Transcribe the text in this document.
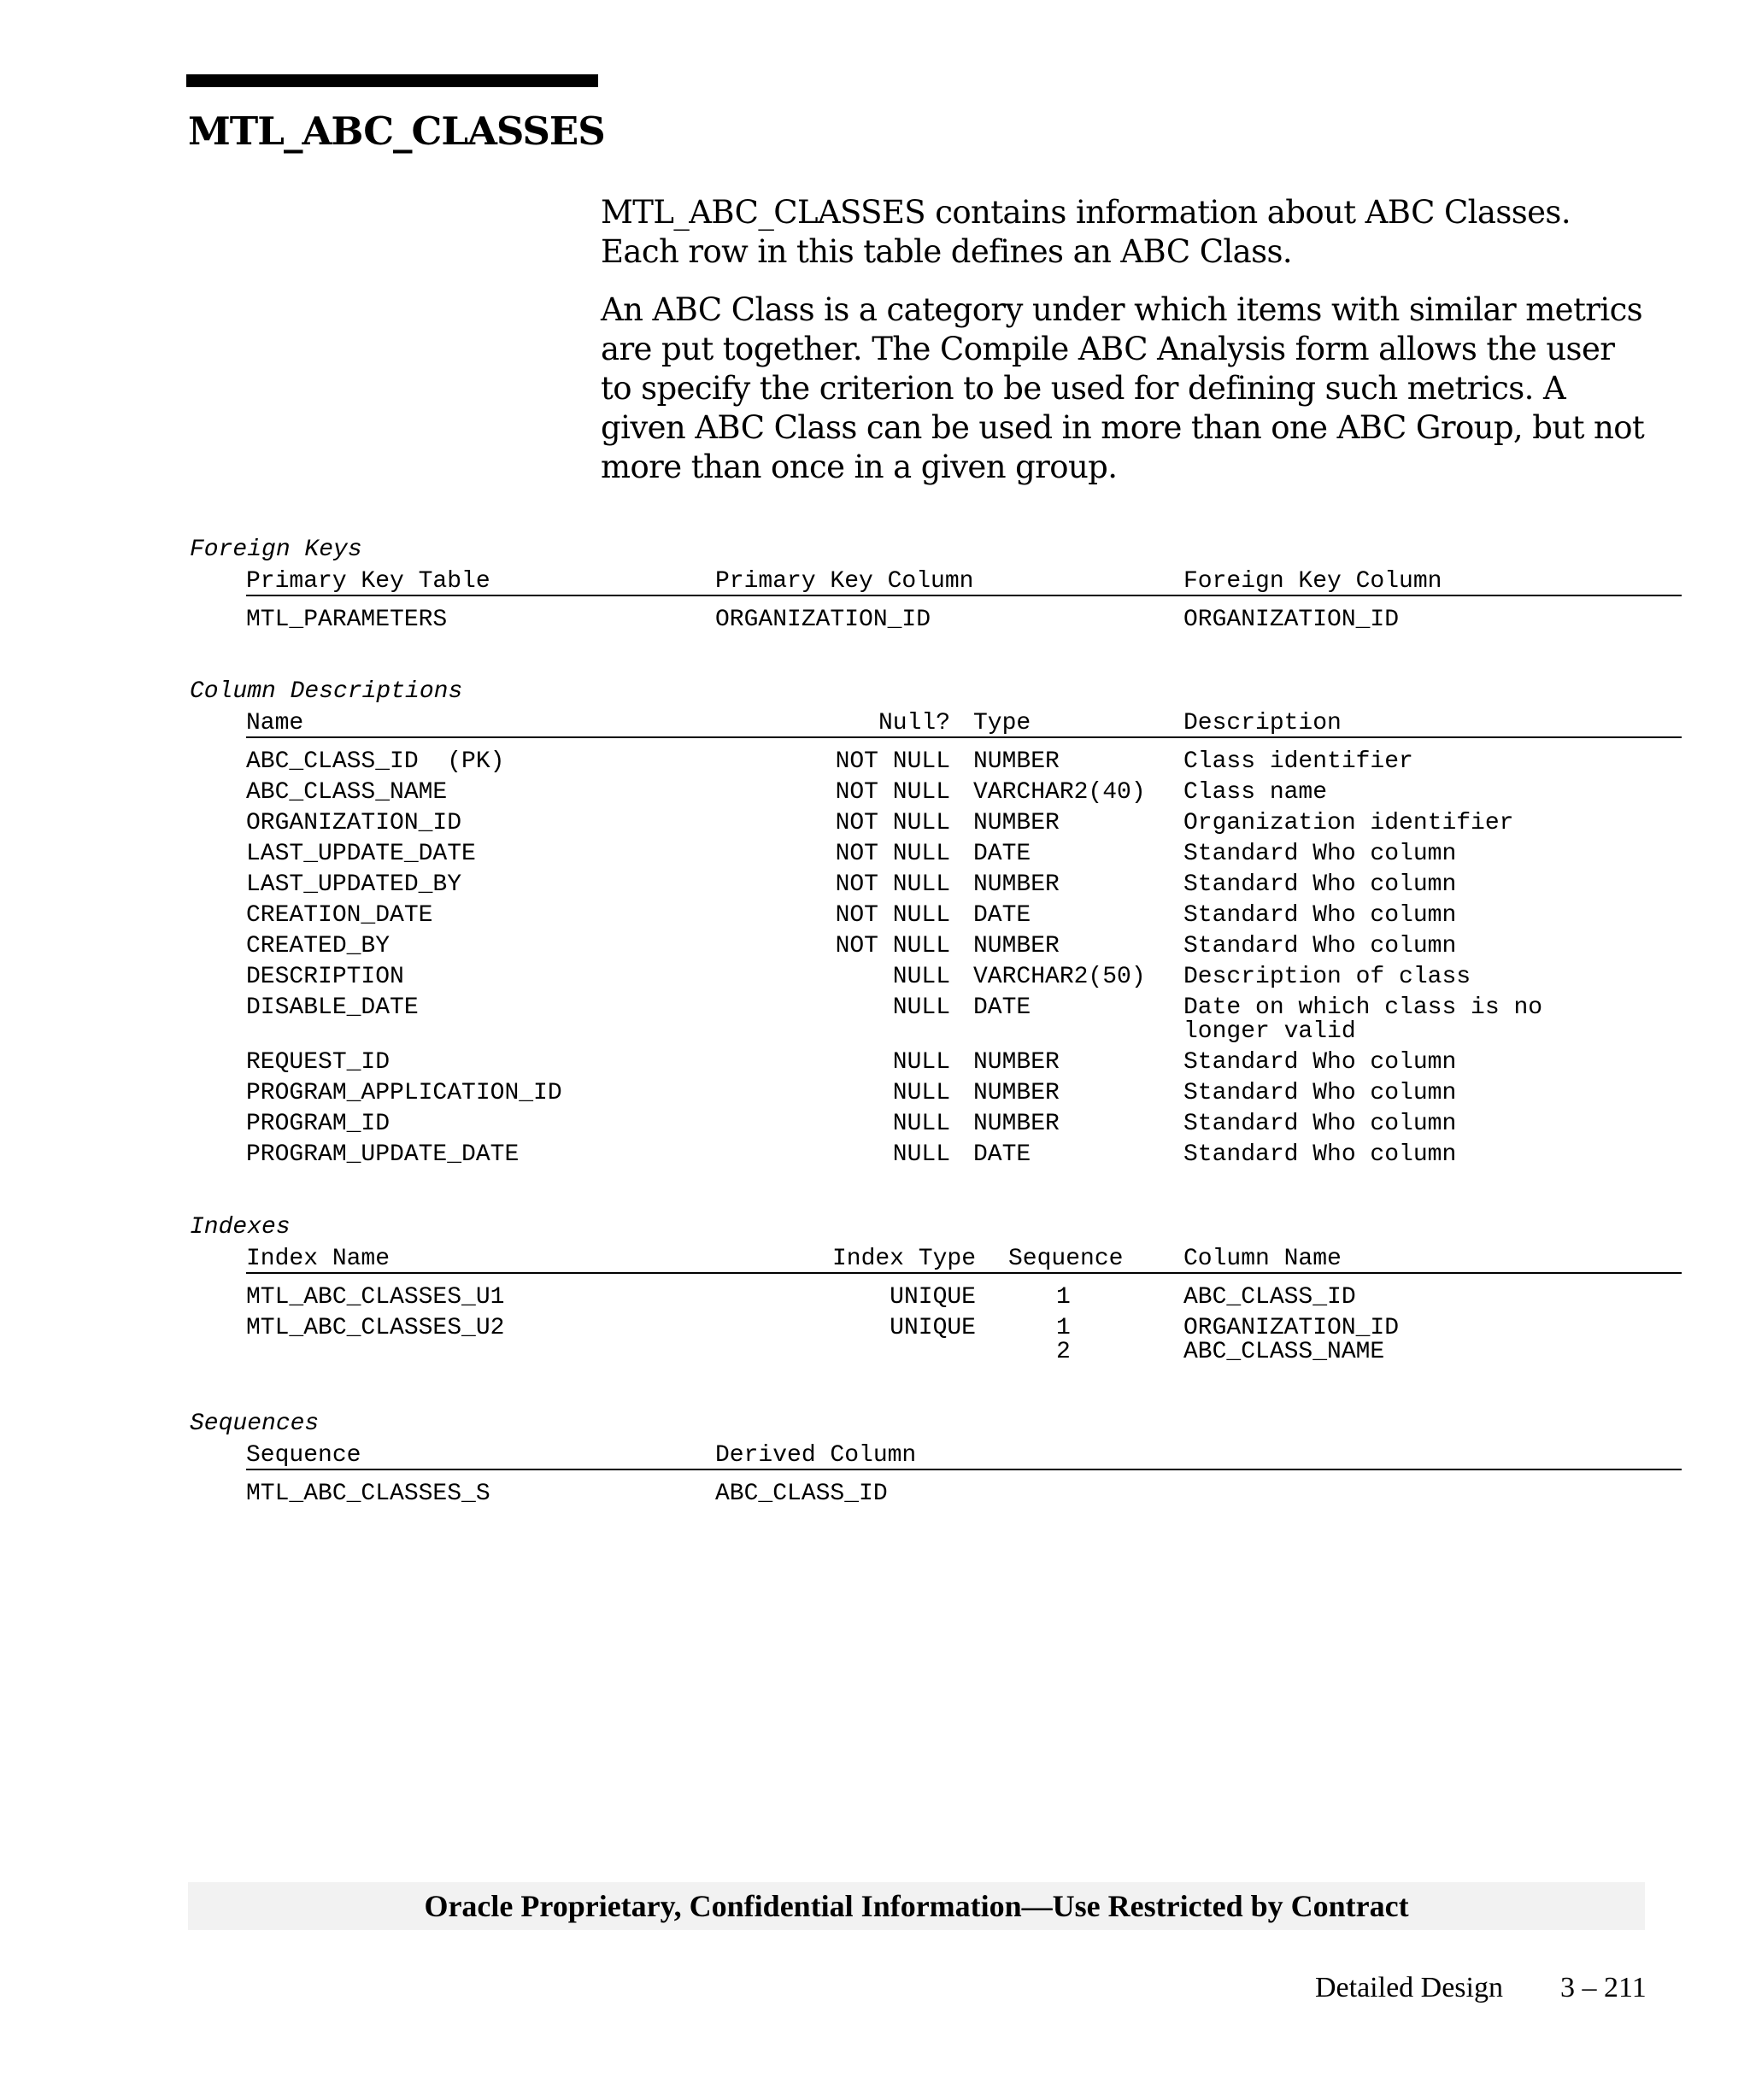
MTL_ABC_CLASSES

MTL_ABC_CLASSES contains information about ABC Classes. Each row in this table defines an ABC Class.

An ABC Class is a category under which items with similar metrics are put together. The Compile ABC Analysis form allows the user to specify the criterion to be used for defining such metrics. A given ABC Class can be used in more than one ABC Group, but not more than once in a given group.

Foreign Keys
Primary Key Table	Primary Key Column	Foreign Key Column
MTL_PARAMETERS	ORGANIZATION_ID	ORGANIZATION_ID
Column Descriptions
Name	Null? Type	Description
ABC_CLASS_ID  (PK)	NOT NULL NUMBER	Class identifier
ABC_CLASS_NAME	NOT NULL VARCHAR2(40) Class name
ORGANIZATION_ID	NOT NULL NUMBER	Organization identifier
LAST_UPDATE_DATE	NOT NULL DATE	Standard Who column
LAST_UPDATED_BY	NOT NULL NUMBER	Standard Who column
CREATION_DATE	NOT NULL DATE	Standard Who column
CREATED_BY	NOT NULL NUMBER	Standard Who column
DESCRIPTION	NULL VARCHAR2(50) Description of class
DISABLE_DATE	NULL DATE	Date on which class is no
longer valid
REQUEST_ID	NULL NUMBER	Standard Who column
PROGRAM_APPLICATION_ID	NULL NUMBER	Standard Who column
PROGRAM_ID	NULL NUMBER	Standard Who column
PROGRAM_UPDATE_DATE	NULL DATE	Standard Who column
Indexes
Index Name	Index Type Sequence	Column Name
MTL_ABC_CLASSES_U1	UNIQUE	1	ABC_CLASS_ID
MTL_ABC_CLASSES_U2	UNIQUE	1	ORGANIZATION_ID
2	ABC_CLASS_NAME
Sequences
Sequence	Derived Column
MTL_ABC_CLASSES_S	ABC_CLASS_ID
Oracle Proprietary, Confidential Information––Use Restricted by Contract
Detailed Design 3 – 211
